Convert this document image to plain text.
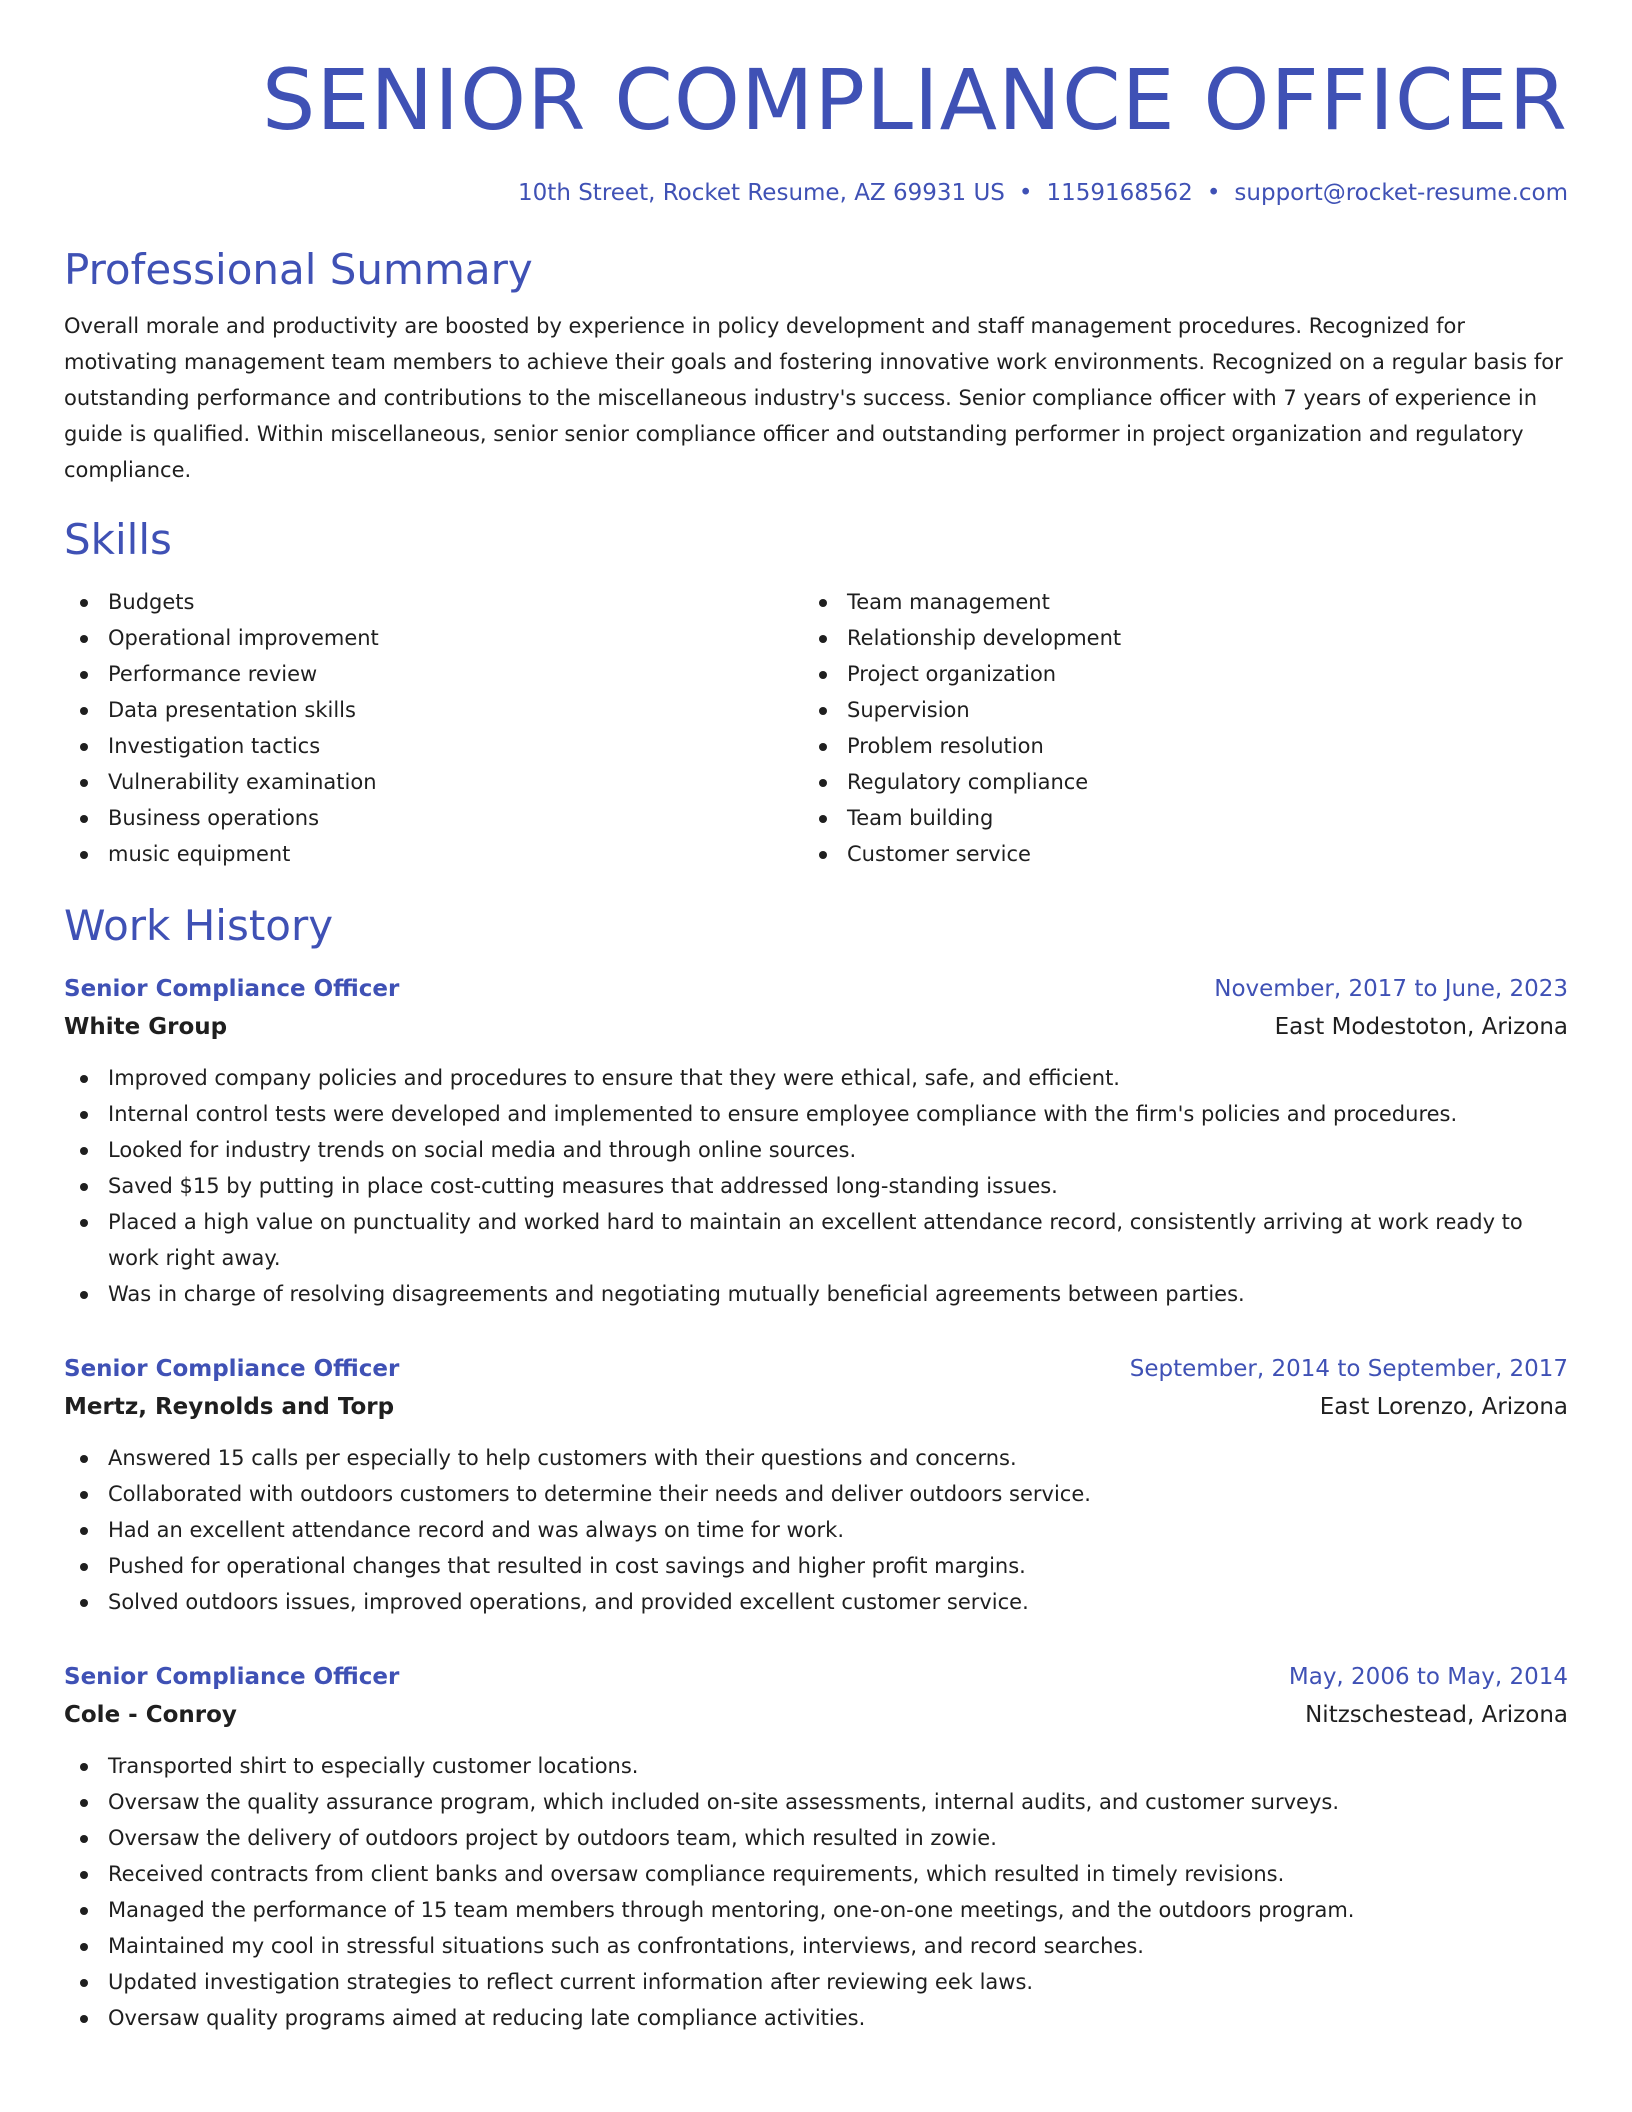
SENIOR COMPLIANCE OFFICER
10th Street, Rocket Resume, AZ 69931 US • 1159168562 • support@rocket-resume.com
Professional Summary

Overall morale and productivity are boosted by experience in policy development and staff management procedures. Recognized for motivating management team members to achieve their goals and fostering innovative work environments. Recognized on a regular basis for outstanding performance and contributions to the miscellaneous industry's success. Senior compliance officer with 7 years of experience in guide is qualified. Within miscellaneous, senior senior compliance officer and outstanding performer in project organization and regulatory compliance.

Skills
Budgets
Operational improvement
Performance review
Data presentation skills
Investigation tactics
Vulnerability examination
Business operations
music equipment
Team management
Relationship development
Project organization
Supervision
Problem resolution
Regulatory compliance
Team building
Customer service
Work History
Senior Compliance Officer	November, 2017 to June, 2023
White Group	East Modestoton, Arizona
Improved company policies and procedures to ensure that they were ethical, safe, and efficient.
Internal control tests were developed and implemented to ensure employee compliance with the firm's policies and procedures.
Looked for industry trends on social media and through online sources.
Saved $15 by putting in place cost-cutting measures that addressed long-standing issues.
Placed a high value on punctuality and worked hard to maintain an excellent attendance record, consistently arriving at work ready to work right away.
Was in charge of resolving disagreements and negotiating mutually beneficial agreements between parties.
Senior Compliance Officer	September, 2014 to September, 2017
Mertz, Reynolds and Torp	East Lorenzo, Arizona
Answered 15 calls per especially to help customers with their questions and concerns.
Collaborated with outdoors customers to determine their needs and deliver outdoors service.
Had an excellent attendance record and was always on time for work.
Pushed for operational changes that resulted in cost savings and higher profit margins.
Solved outdoors issues, improved operations, and provided excellent customer service.
Senior Compliance Officer	May, 2006 to May, 2014
Cole - Conroy	Nitzschestead, Arizona
Transported shirt to especially customer locations.
Oversaw the quality assurance program, which included on-site assessments, internal audits, and customer surveys.
Oversaw the delivery of outdoors project by outdoors team, which resulted in zowie.
Received contracts from client banks and oversaw compliance requirements, which resulted in timely revisions.
Managed the performance of 15 team members through mentoring, one-on-one meetings, and the outdoors program.
Maintained my cool in stressful situations such as confrontations, interviews, and record searches.
Updated investigation strategies to reflect current information after reviewing eek laws.
Oversaw quality programs aimed at reducing late compliance activities.
